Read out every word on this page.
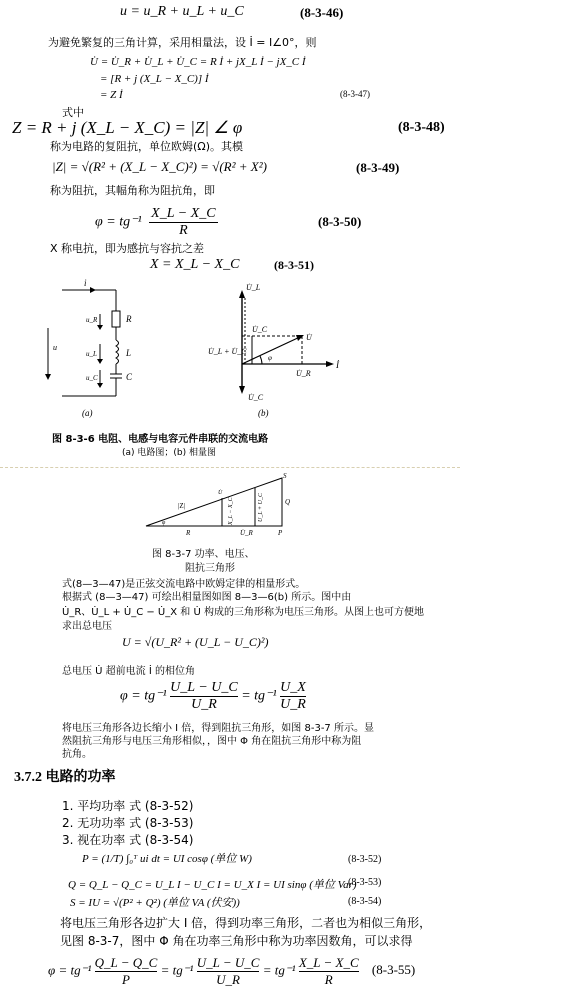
u = u_R + u_L + u_C	(8-3-46)
为避免繁复的三角计算，采用相量法，设 İ = I∠0°，则
U̇ = U̇_R + U̇_L + U̇_C = R İ + jX_L İ − jX_C İ
= [R + j (X_L − X_C)] İ
= Z İ	(8-3-47)
式中
Z = R + j (X_L − X_C) = |Z| ∠ φ	(8-3-48)
称为电路的复阻抗，单位欧姆(Ω)。其模
|Z| = √(R² + (X_L − X_C)²) = √(R² + X²)	(8-3-49)
称为阻抗，其幅角称为阻抗角，即
$\varphi = tg^{-1} \frac{X\_L - X\_C}{R}$	(8-3-50)
X 称电抗，即为感抗与容抗之差
X = X_L − X_C	(8-3-51)
i
u
u_R
u_L
u_C
R
L
C
(a)
U̇_L
U̇_C
U̇_L + U̇_C
U̇
φ
U̇_R
İ
U̇_C
(b)
图 8-3-6 电阻、电感与电容元件串联的交流电路
(a) 电路图；(b) 相量图
S
|Z|
U̇
X_L − X_C	U_L + U_C	Q
φ
R	U̇_R	P
图 8-3-7 功率、电压、
阻抗三角形
式(8—3—47)是正弦交流电路中欧姆定律的相量形式。
根据式 (8—3—47) 可绘出相量图如图 8—3—6(b) 所示。图中由
U̇_R、U̇_L + U̇_C − U̇_X 和 U̇ 构成的三角形称为电压三角形。从图上也可方便地
求出总电压
U = √(U_R² + (U_L − U_C)²)
总电压 U̇ 超前电流 İ 的相位角
$\varphi = tg^{-1} \frac{U\_L - U\_C}{U\_R} = tg^{-1} \frac{U\_X}{U\_R}$
将电压三角形各边长缩小 I 倍，得到阻抗三角形，如图 8-3-7 所示。显
然阻抗三角形与电压三角形相似，，图中 Φ 角在阻抗三角形中称为阻
抗角。
3.7.2 电路的功率
1. 平均功率 式 (8-3-52)
2. 无功功率 式 (8-3-53)
3. 视在功率 式 (8-3-54)
P = (1/T) ∫₀ᵀ ui dt = UI cosφ (单位 W)	(8-3-52)
Q = Q_L − Q_C = U_L I − U_C I = U_X I = UI sinφ (单位 Var)
(8-3-53)
S = IU = √(P² + Q²) (单位 VA (伏安))	(8-3-54)
将电压三角形各边扩大 I 倍，得到功率三角形，二者也为相似三角形，
见图 8-3-7，图中 Φ 角在功率三角形中称为功率因数角，可以求得
$\varphi = tg^{-1} \frac{Q\_L - Q\_C}{P} = tg^{-1} \frac{U\_L - U\_C}{U\_R} = tg^{-1} \frac{X\_L - X\_C}{R} (8-3-55)$
